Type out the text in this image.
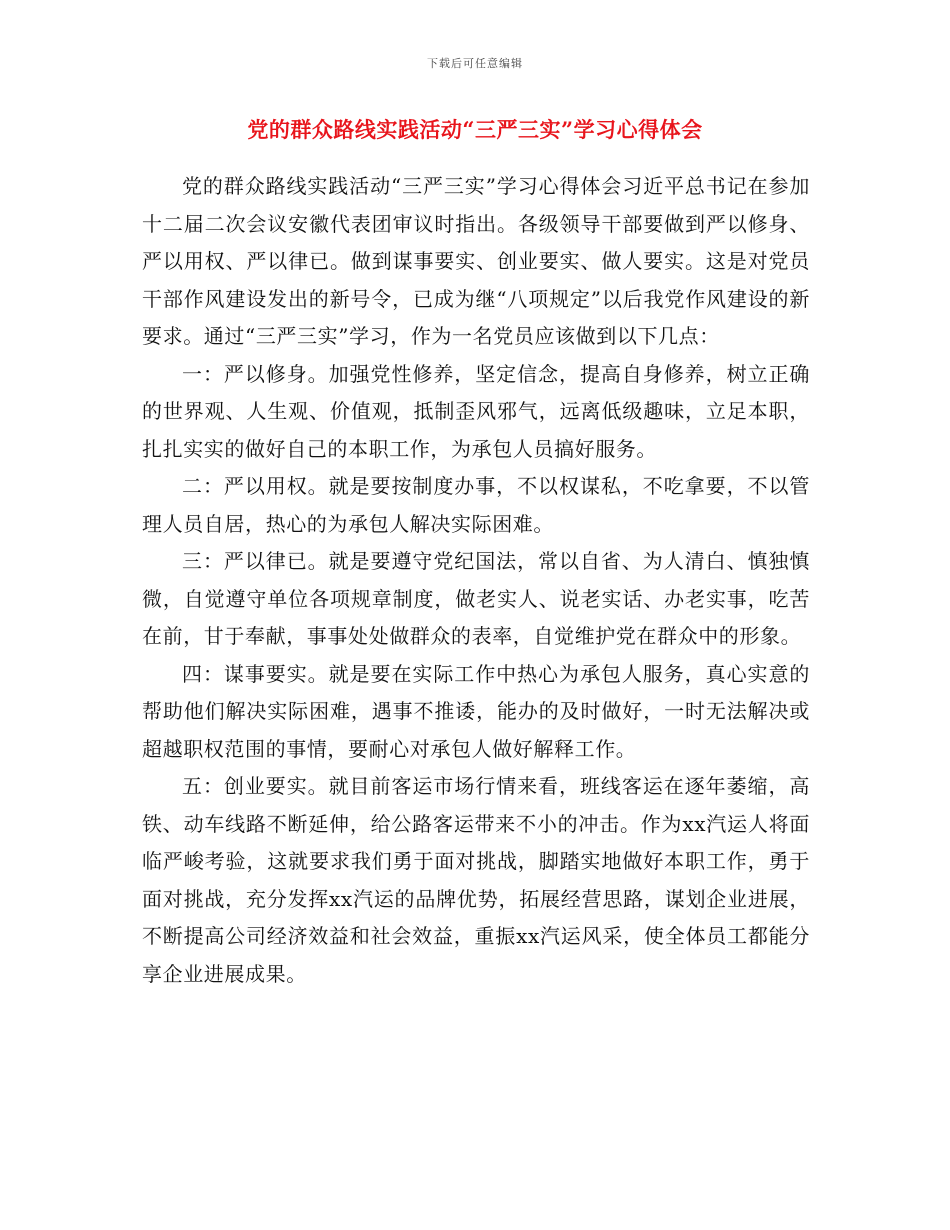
下载后可任意编辑
党的群众路线实践活动“三严三实”学习心得体会

党的群众路线实践活动“三严三实”学习心得体会习近平总书记在参加十二届二次会议安徽代表团审议时指出。各级领导干部要做到严以修身、严以用权、严以律已。做到谋事要实、创业要实、做人要实。这是对党员干部作风建设发出的新号令，已成为继“八项规定”以后我党作风建设的新要求。通过“三严三实”学习，作为一名党员应该做到以下几点：

一：严以修身。加强党性修养，坚定信念，提高自身修养，树立正确的世界观、人生观、价值观，抵制歪风邪气，远离低级趣味，立足本职，扎扎实实的做好自己的本职工作，为承包人员搞好服务。

二：严以用权。就是要按制度办事，不以权谋私，不吃拿要，不以管理人员自居，热心的为承包人解决实际困难。

三：严以律已。就是要遵守党纪国法，常以自省、为人清白、慎独慎微，自觉遵守单位各项规章制度，做老实人、说老实话、办老实事，吃苦在前，甘于奉献，事事处处做群众的表率，自觉维护党在群众中的形象。

四：谋事要实。就是要在实际工作中热心为承包人服务，真心实意的帮助他们解决实际困难，遇事不推诿，能办的及时做好，一时无法解决或超越职权范围的事情，要耐心对承包人做好解释工作。

五：创业要实。就目前客运市场行情来看，班线客运在逐年萎缩，高铁、动车线路不断延伸，给公路客运带来不小的冲击。作为xx汽运人将面临严峻考验，这就要求我们勇于面对挑战，脚踏实地做好本职工作，勇于面对挑战，充分发挥xx汽运的品牌优势，拓展经营思路，谋划企业进展，不断提高公司经济效益和社会效益，重振xx汽运风采，使全体员工都能分享企业进展成果。
